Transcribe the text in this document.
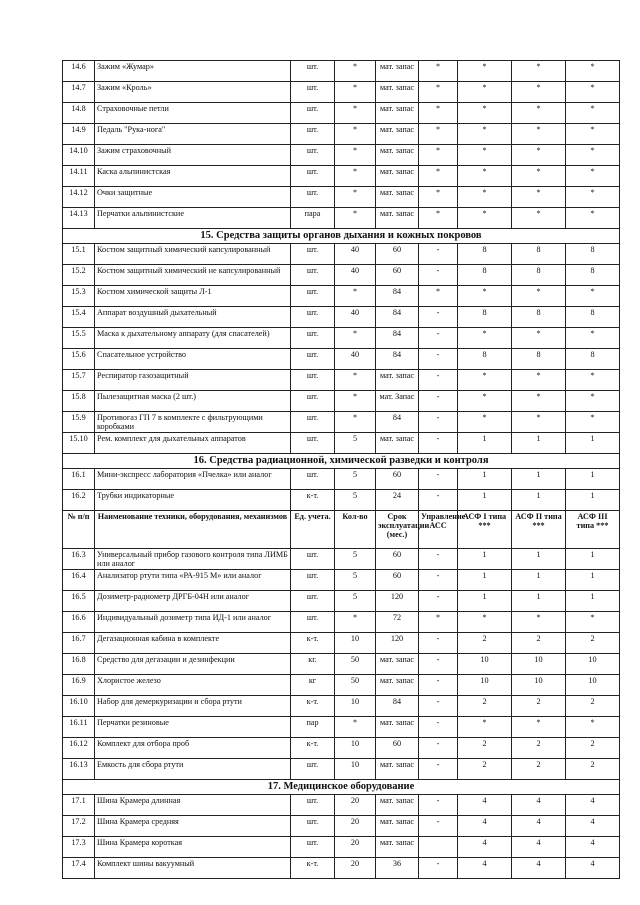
14.6	Зажим «Жумар»	шт.	*	мат. запас	*	*	*	*
14.7	Зажим «Кроль»	шт.	*	мат. запас	*	*	*	*
14.8	Страховочные петли	шт.	*	мат. запас	*	*	*	*
14.9	Педаль "Рука-нога"	шт.	*	мат. запас	*	*	*	*
14.10	Зажим страховочный	шт.	*	мат. запас	*	*	*	*
14.11	Каска альпинистская	шт.	*	мат. запас	*	*	*	*
14.12	Очки защитные	шт.	*	мат. запас	*	*	*	*
14.13	Перчатки альпинистские	пара	*	мат. запас	*	*	*	*
15. Средства защиты органов дыхания и кожных покровов								
15.1	Костюм защитный химический капсулированный	шт.	40	60	-	8	8	8
15.2	Костюм защитный химический не капсулированный	шт.	40	60	-	8	8	8
15.3	Костюм химической защиты Л-1	шт.	*	84	*	*	*	*
15.4	Аппарат воздушный дыхательный	шт.	40	84	-	8	8	8
15.5	Маска к дыхательному аппарату (для спасателей)	шт.	*	84	-	*	*	*
15.6	Спасательное устройство	шт.	40	84	-	8	8	8
15.7	Респиратор газозащитный	шт.	*	мат. запас	-	*	*	*
15.8	Пылезащитная маска (2 шт.)	шт.	*	мат. Запас	-	*	*	*
15.9	Противогаз ГП 7 в комплекте с фильтрующими коробками	шт.	*	84	-	*	*	*
15.10	Рем. комплект для дыхательных аппаратов	шт.	5	мат. запас	-	1	1	1
16. Средства радиационной, химической разведки и контроля								
16.1	Мини-экспресс лаборатория «Пчелка» или аналог	шт.	5	60	-	1	1	1
16.2	Трубки индикаторные	к-т.	5	24	-	1	1	1
№ п/п	Наименование техники, оборудования, механизмов	Ед. учета.	Кол-во	Срок эксплуатации (мес.)	Управление АСС	АСФ I типа ***	АСФ II типа ***	АСФ III типа ***
16.3	Универсальный прибор газового контроля типа ЛИМБ или аналог	шт.	5	60	-	1	1	1
16.4	Анализатор ртути типа «РА-915 М» или аналог	шт.	5	60	-	1	1	1
16.5	Дозиметр-радиометр ДРГБ-04Н или аналог	шт.	5	120	-	1	1	1
16.6	Индивидуальный дозиметр типа ИД-1 или аналог	шт.	*	72	*	*	*	*
16.7	Дегазационная кабина в комплекте	к-т.	10	120	-	2	2	2
16.8	Средство для дегазации и дезинфекции	кг.	50	мат. запас	-	10	10	10
16.9	Хлористое железо	кг	50	мат. запас	-	10	10	10
16.10	Набор для демеркуризации и сбора ртути	к-т.	10	84	-	2	2	2
16.11	Перчатки резиновые	пар	*	мат. запас	-	*	*	*
16.12	Комплект для отбора проб	к-т.	10	60	-	2	2	2
16.13	Емкость для сбора ртути	шт.	10	мат. запас	-	2	2	2
17. Медицинское оборудование								
17.1	Шина Крамера длинная	шт.	20	мат. запас	-	4	4	4
17.2	Шина Крамера средняя	шт.	20	мат. запас	-	4	4	4
17.3	Шина Крамера короткая	шт.	20	мат. запас		4	4	4
17.4	Комплект шины вакуумный	к-т.	20	36	-	4	4	4
